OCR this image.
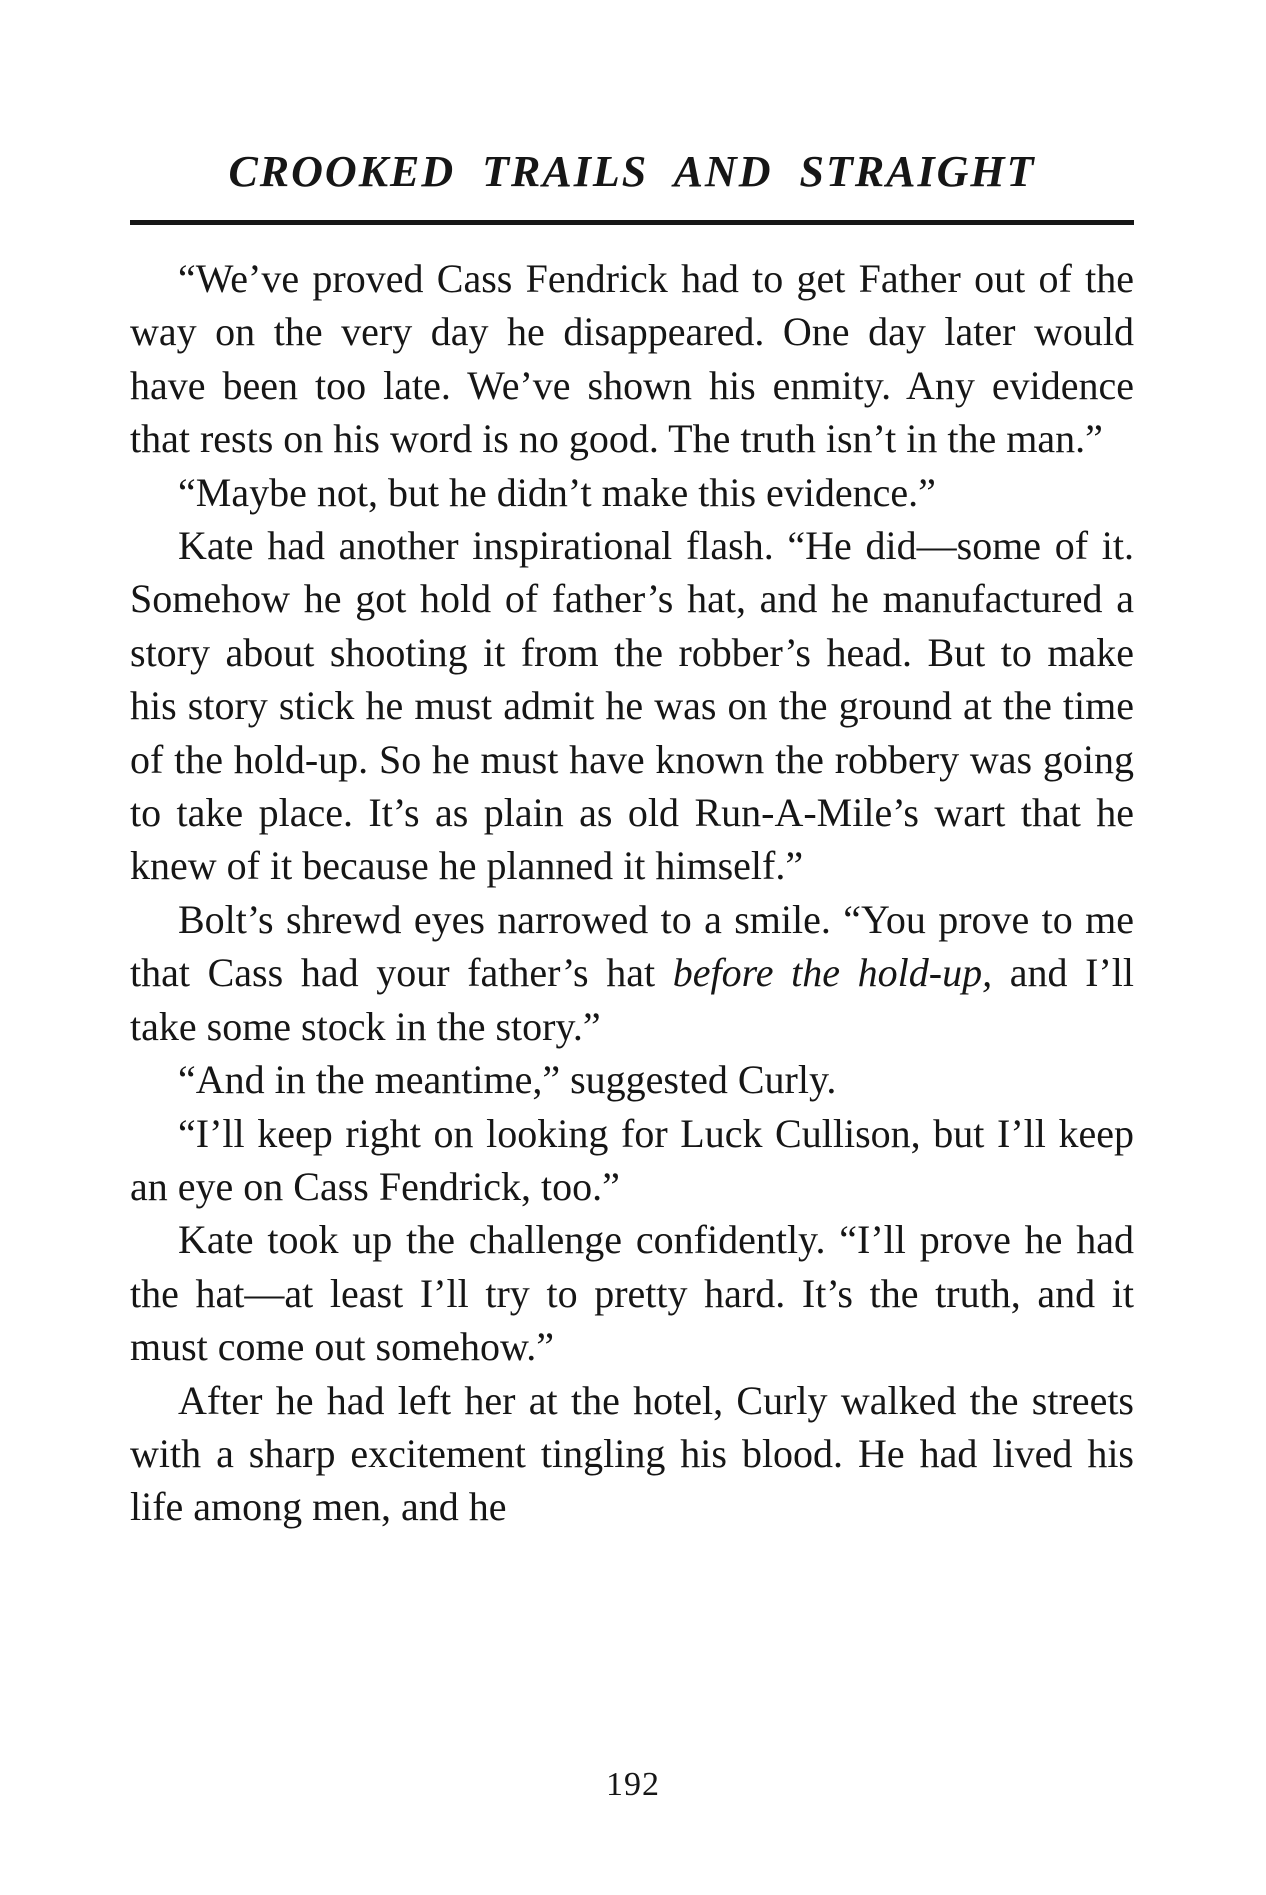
CROOKED TRAILS AND STRAIGHT

“We’ve proved Cass Fendrick had to get Father out of the way on the very day he disappeared. One day later would have been too late. We’ve shown his enmity. Any evidence that rests on his word is no good. The truth isn’t in the man.”

“Maybe not, but he didn’t make this evidence.”

Kate had another inspirational flash. “He did—some of it. Somehow he got hold of father’s hat, and he manufactured a story about shooting it from the robber’s head. But to make his story stick he must admit he was on the ground at the time of the hold-up. So he must have known the robbery was going to take place. It’s as plain as old Run-A-Mile’s wart that he knew of it because he planned it himself.”

Bolt’s shrewd eyes narrowed to a smile. “You prove to me that Cass had your father’s hat before the hold-up, and I’ll take some stock in the story.”

“And in the meantime,” suggested Curly.

“I’ll keep right on looking for Luck Cullison, but I’ll keep an eye on Cass Fendrick, too.”

Kate took up the challenge confidently. “I’ll prove he had the hat—at least I’ll try to pretty hard. It’s the truth, and it must come out somehow.”

After he had left her at the hotel, Curly walked the streets with a sharp excitement tingling his blood. He had lived his life among men, and he

192
